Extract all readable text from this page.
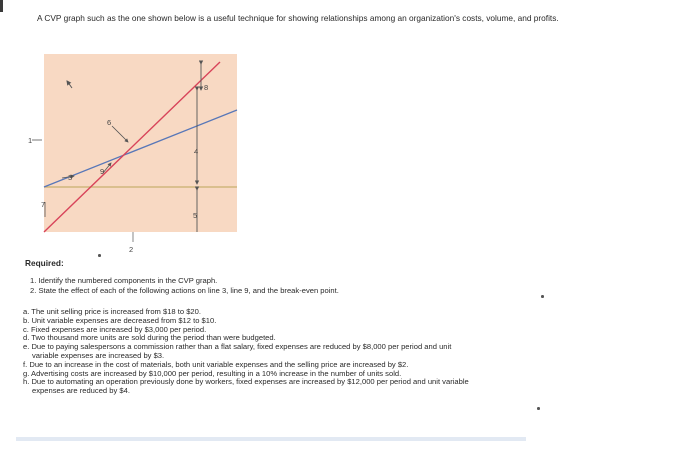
A CVP graph such as the one shown below is a useful technique for showing relationships among an organization's costs, volume, and profits.
1
2
3
4
5
6
7
8
9
Required:
1. Identify the numbered components in the CVP graph.
2. State the effect of each of the following actions on line 3, line 9, and the break-even point.
a. The unit selling price is increased from $18 to $20.
b. Unit variable expenses are decreased from $12 to $10.
c. Fixed expenses are increased by $3,000 per period.
d. Two thousand more units are sold during the period than were budgeted.
e. Due to paying salespersons a commission rather than a flat salary, fixed expenses are reduced by $8,000 per period and unit
variable expenses are increased by $3.
f. Due to an increase in the cost of materials, both unit variable expenses and the selling price are increased by $2.
g. Advertising costs are increased by $10,000 per period, resulting in a 10% increase in the number of units sold.
h. Due to automating an operation previously done by workers, fixed expenses are increased by $12,000 per period and unit variable
expenses are reduced by $4.
